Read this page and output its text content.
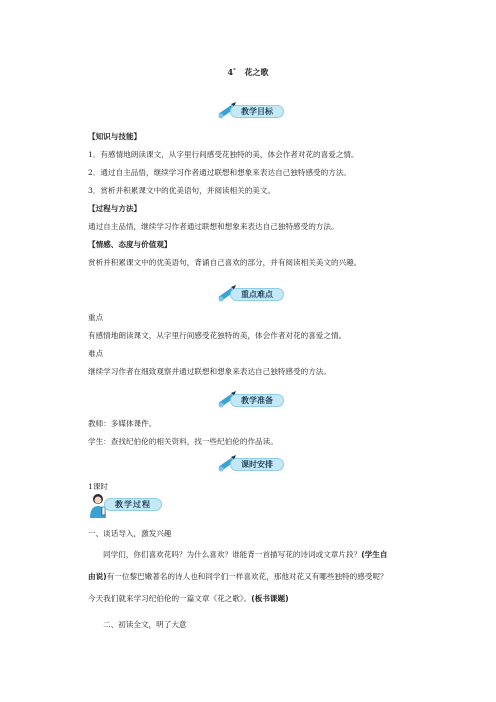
4* 花之歌
教学目标
【知识与技能】
1．有感情地朗读课文，从字里行间感受花独特的美，体会作者对花的喜爱之情。
2．通过自主品悟，继续学习作者通过联想和想象来表达自己独特感受的方法。
3．赏析并积累课文中的优美语句，并阅读相关的美文。
【过程与方法】
通过自主品悟，继续学习作者通过联想和想象来表达自己独特感受的方法。
【情感、态度与价值观】
赏析并积累课文中的优美语句，背诵自己喜欢的部分，并有阅读相关美文的兴趣。
重点难点
重点
有感情地朗读课文，从字里行间感受花独特的美，体会作者对花的喜爱之情。
难点
继续学习作者在细致观察并通过联想和想象来表达自己独特感受的方法。
教学准备
教师：多媒体课件。
学生：查找纪伯伦的相关资料，找一些纪伯伦的作品读。
课时安排
1课时
教学过程
一、谈话导入，激发兴趣
同学们，你们喜欢花吗？为什么喜欢？谁能背一首描写花的诗词或文章片段？(学生自
由说)有一位黎巴嫩著名的诗人也和同学们一样喜欢花，那他对花又有哪些独特的感受呢？
今天我们就来学习纪伯伦的一篇文章《花之歌》。(板书课题)
二、初读全文，明了大意
